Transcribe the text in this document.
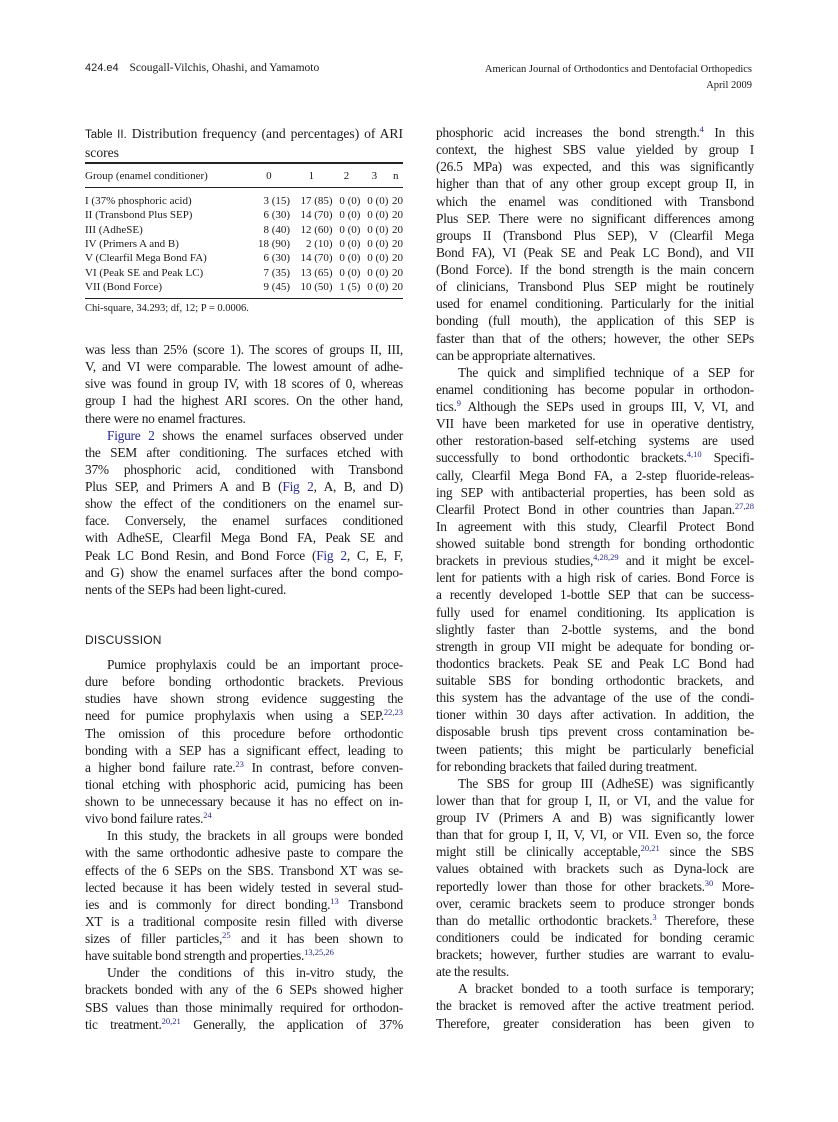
424.e4 Scougall-Vilchis, Ohashi, and Yamamoto	American Journal of Orthodontics and Dentofacial Orthopedics
April 2009
Table II. Distribution frequency (and percentages) of ARI scores
Group (enamel conditioner)	0	1	2	3	n
I (37% phosphoric acid)	3 (15)	17 (85)	0 (0)	0 (0)	20
II (Transbond Plus SEP)	6 (30)	14 (70)	0 (0)	0 (0)	20
III (AdheSE)	8 (40)	12 (60)	0 (0)	0 (0)	20
IV (Primers A and B)	18 (90)	2 (10)	0 (0)	0 (0)	20
V (Clearfil Mega Bond FA)	6 (30)	14 (70)	0 (0)	0 (0)	20
VI (Peak SE and Peak LC)	7 (35)	13 (65)	0 (0)	0 (0)	20
VII (Bond Force)	9 (45)	10 (50)	1 (5)	0 (0)	20
Chi-square, 34.293; df, 12; P = 0.0006.
was less than 25% (score 1). The scores of groups II, III,
V, and VI were comparable. The lowest amount of adhe-
sive was found in group IV, with 18 scores of 0, whereas
group I had the highest ARI scores. On the other hand,
there were no enamel fractures.
Figure 2 shows the enamel surfaces observed under
the SEM after conditioning. The surfaces etched with
37% phosphoric acid, conditioned with Transbond
Plus SEP, and Primers A and B (Fig 2, A, B, and D)
show the effect of the conditioners on the enamel sur-
face. Conversely, the enamel surfaces conditioned
with AdheSE, Clearfil Mega Bond FA, Peak SE and
Peak LC Bond Resin, and Bond Force (Fig 2, C, E, F,
and G) show the enamel surfaces after the bond compo-
nents of the SEPs had been light-cured.
DISCUSSION
Pumice prophylaxis could be an important proce-
dure before bonding orthodontic brackets. Previous
studies have shown strong evidence suggesting the
need for pumice prophylaxis when using a SEP.$^{22,23}$
The omission of this procedure before orthodontic
bonding with a SEP has a significant effect, leading to
a higher bond failure rate.$^{23}$ In contrast, before conven-
tional etching with phosphoric acid, pumicing has been
shown to be unnecessary because it has no effect on in-
vivo bond failure rates.$^{24}$
In this study, the brackets in all groups were bonded
with the same orthodontic adhesive paste to compare the
effects of the 6 SEPs on the SBS. Transbond XT was se-
lected because it has been widely tested in several stud-
ies and is commonly for direct bonding.$^{13}$ Transbond
XT is a traditional composite resin filled with diverse
sizes of filler particles,$^{25}$ and it has been shown to
have suitable bond strength and properties.$^{13,25,26}$
Under the conditions of this in-vitro study, the
brackets bonded with any of the 6 SEPs showed higher
SBS values than those minimally required for orthodon-
tic treatment.$^{20,21}$ Generally, the application of 37%
phosphoric acid increases the bond strength.$^4$ In this
context, the highest SBS value yielded by group I
(26.5 MPa) was expected, and this was significantly
higher than that of any other group except group II, in
which the enamel was conditioned with Transbond
Plus SEP. There were no significant differences among
groups II (Transbond Plus SEP), V (Clearfil Mega
Bond FA), VI (Peak SE and Peak LC Bond), and VII
(Bond Force). If the bond strength is the main concern
of clinicians, Transbond Plus SEP might be routinely
used for enamel conditioning. Particularly for the initial
bonding (full mouth), the application of this SEP is
faster than that of the others; however, the other SEPs
can be appropriate alternatives.
The quick and simplified technique of a SEP for
enamel conditioning has become popular in orthodon-
tics.$^9$ Although the SEPs used in groups III, V, VI, and
VII have been marketed for use in operative dentistry,
other restoration-based self-etching systems are used
successfully to bond orthodontic brackets.$^{4,10}$ Specifi-
cally, Clearfil Mega Bond FA, a 2-step fluoride-releas-
ing SEP with antibacterial properties, has been sold as
Clearfil Protect Bond in other countries than Japan.$^{27,28}$
In agreement with this study, Clearfil Protect Bond
showed suitable bond strength for bonding orthodontic
brackets in previous studies,$^{4,28,29}$ and it might be excel-
lent for patients with a high risk of caries. Bond Force is
a recently developed 1-bottle SEP that can be success-
fully used for enamel conditioning. Its application is
slightly faster than 2-bottle systems, and the bond
strength in group VII might be adequate for bonding or-
thodontics brackets. Peak SE and Peak LC Bond had
suitable SBS for bonding orthodontic brackets, and
this system has the advantage of the use of the condi-
tioner within 30 days after activation. In addition, the
disposable brush tips prevent cross contamination be-
tween patients; this might be particularly beneficial
for rebonding brackets that failed during treatment.
The SBS for group III (AdheSE) was significantly
lower than that for group I, II, or VI, and the value for
group IV (Primers A and B) was significantly lower
than that for group I, II, V, VI, or VII. Even so, the force
might still be clinically acceptable,$^{20,21}$ since the SBS
values obtained with brackets such as Dyna-lock are
reportedly lower than those for other brackets.$^{30}$ More-
over, ceramic brackets seem to produce stronger bonds
than do metallic orthodontic brackets.$^3$ Therefore, these
conditioners could be indicated for bonding ceramic
brackets; however, further studies are warrant to evalu-
ate the results.
A bracket bonded to a tooth surface is temporary;
the bracket is removed after the active treatment period.
Therefore, greater consideration has been given to
